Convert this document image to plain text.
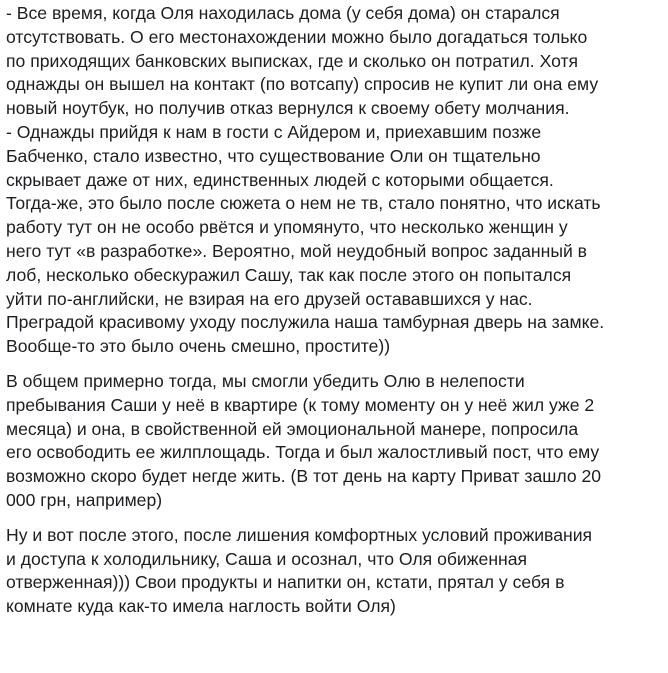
- Все время, когда Оля находилась дома (у себя дома) он старался
отсутствовать. О его местонахождении можно было догадаться только
по приходящих банковских выписках, где и сколько он потратил. Хотя
однажды он вышел на контакт (по вотсапу) спросив не купит ли она ему
новый ноутбук, но получив отказ вернулся к своему обету молчания.
- Однажды прийдя к нам в гости с Айдером и, приехавшим позже
Бабченко, стало известно, что существование Оли он тщательно
скрывает даже от них, единственных людей с которыми общается.
Тогда-же, это было после сюжета о нем не тв, стало понятно, что искать
работу тут он не особо рвётся и упомянуто, что несколько женщин у
него тут «в разработке». Вероятно, мой неудобный вопрос заданный в
лоб, несколько обескуражил Сашу, так как после этого он попытался
уйти по-английски, не взирая на его друзей остававшихся у нас.
Преградой красивому уходу послужила наша тамбурная дверь на замке.
Вообще-то это было очень смешно, простите))

В общем примерно тогда, мы смогли убедить Олю в нелепости
пребывания Саши у неё в квартире (к тому моменту он у неё жил уже 2
месяца) и она, в свойственной ей эмоциональной манере, попросила
его освободить ее жилплощадь. Тогда и был жалостливый пост, что ему
возможно скоро будет негде жить. (В тот день на карту Приват зашло 20
000 грн, например)

Ну и вот после этого, после лишения комфортных условий проживания
и доступа к холодильнику, Саша и осознал, что Оля обиженная
отверженная))) Свои продукты и напитки он, кстати, прятал у себя в
комнате куда как-то имела наглость войти Оля)
